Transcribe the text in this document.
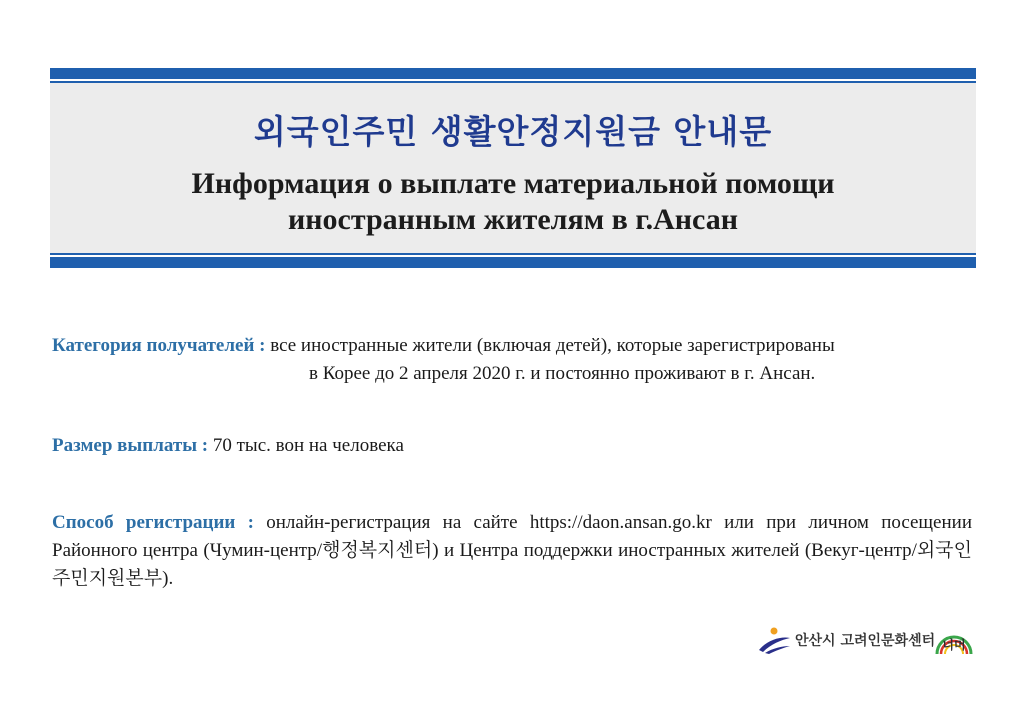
외국인주민 생활안정지원금 안내문
Информация о выплате материальной помощи
иностранным жителям в г.Ансан
Категория получателей : все иностранные жители (включая детей), которые зарегистрированы
в Корее до 2 апреля 2020 г. и постоянно проживают в г. Ансан.
Размер выплаты : 70 тыс. вон на человека
Способ регистрации : онлайн-регистрация на сайте https://daon.ansan.go.kr или при личном посещении Районного центра (Чумин-центр/행정복지센터) и Центра поддержки иностранных жителей (Векуг-центр/외국인주민지원본부).
안산시 고려인문화센터 너머
